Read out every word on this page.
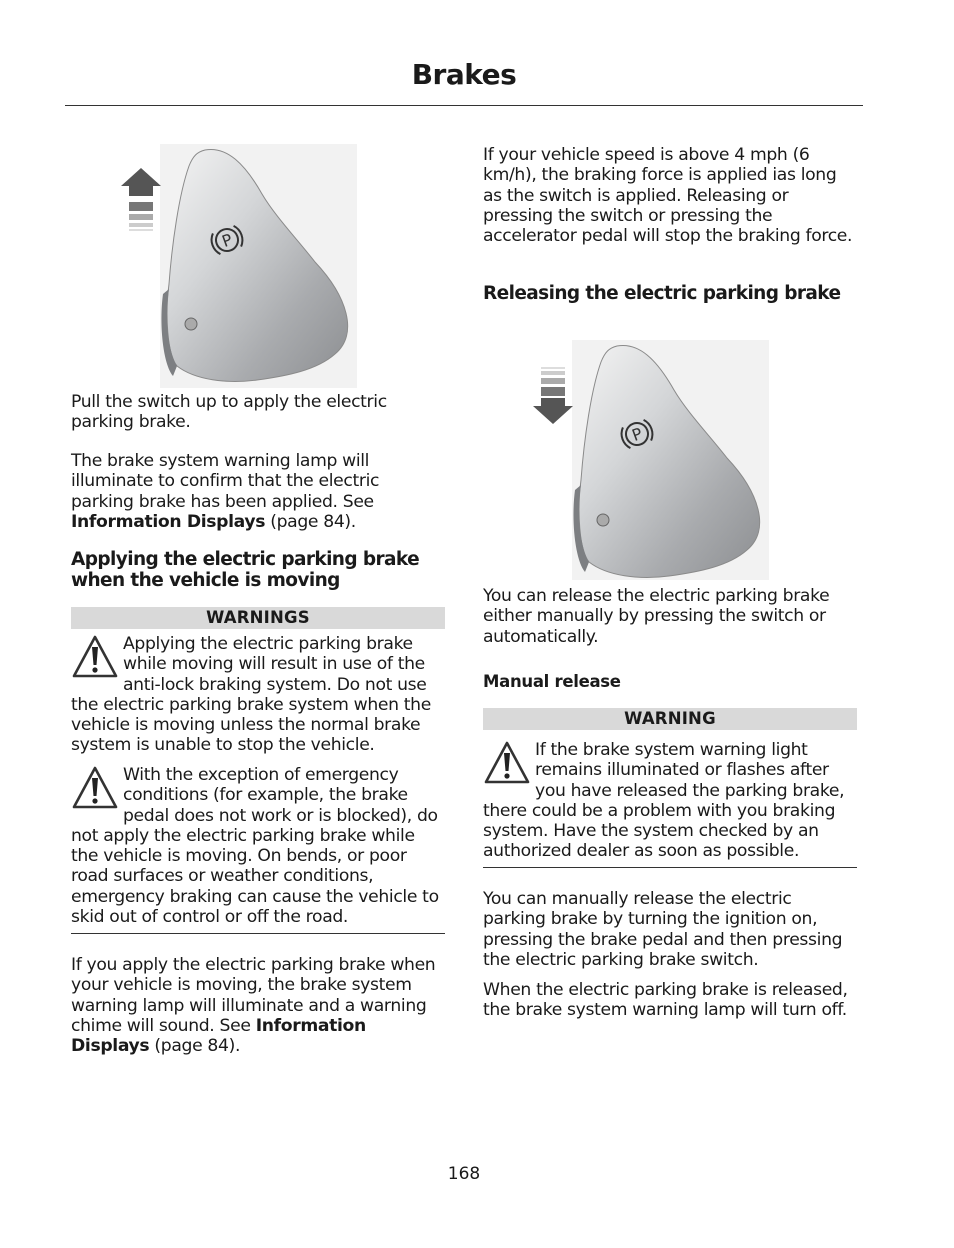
Brakes

Pull the switch up to apply the electric parking brake.

The brake system warning lamp will illuminate to confirm that the electric parking brake has been applied. See Information Displays (page 84).

Applying the electric parking brake when the vehicle is moving
WARNINGS

Applying the electric parking brake while moving will result in use of the anti-lock braking system. Do not use the electric parking brake system when the vehicle is moving unless the normal brake system is unable to stop the vehicle.

With the exception of emergency conditions (for example, the brake pedal does not work or is blocked), do not apply the electric parking brake while the vehicle is moving. On bends, or poor road surfaces or weather conditions, emergency braking can cause the vehicle to skid out of control or off the road.

If you apply the electric parking brake when your vehicle is moving, the brake system warning lamp will illuminate and a warning chime will sound. See Information Displays (page 84).

If your vehicle speed is above 4 mph (6 km/h), the braking force is applied ias long as the switch is applied. Releasing or pressing the switch or pressing the accelerator pedal will stop the braking force.

Releasing the electric parking brake

You can release the electric parking brake either manually by pressing the switch or automatically.

Manual release
WARNING

If the brake system warning light remains illuminated or flashes after you have released the parking brake, there could be a problem with you braking system. Have the system checked by an authorized dealer as soon as possible.

You can manually release the electric parking brake by turning the ignition on, pressing the brake pedal and then pressing the electric parking brake switch.

When the electric parking brake is released, the brake system warning lamp will turn off.

168
